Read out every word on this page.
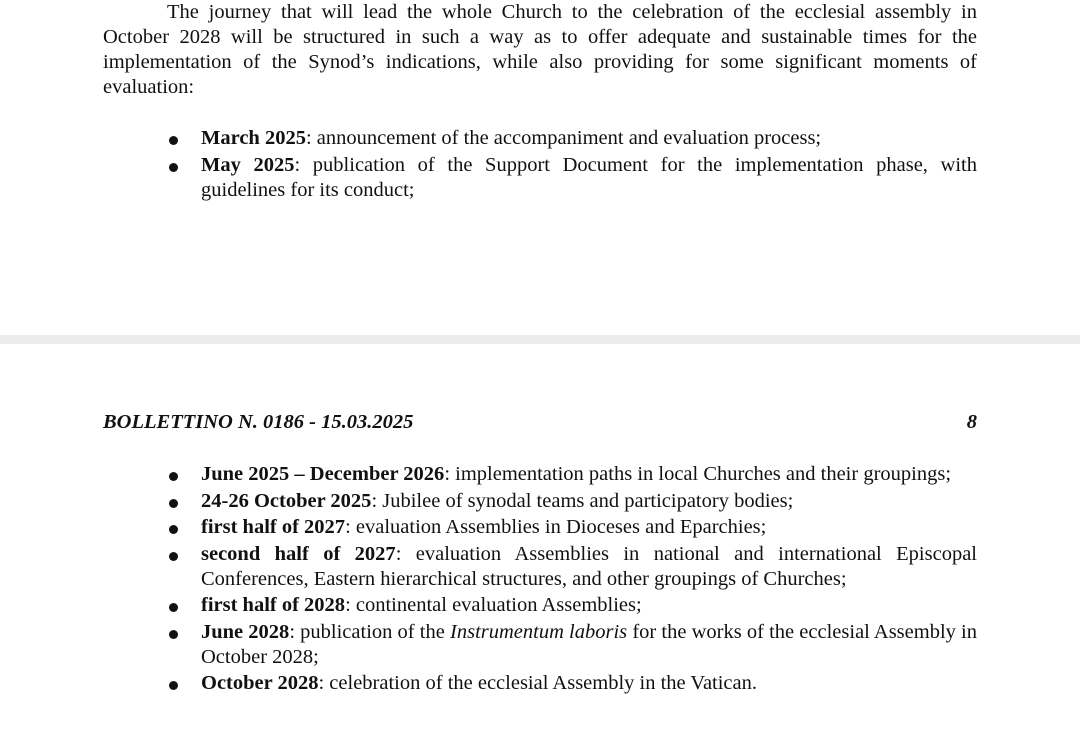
The journey that will lead the whole Church to the celebration of the ecclesial assembly in October 2028 will be structured in such a way as to offer adequate and sustainable times for the implementation of the Synod’s indications, while also providing for some significant moments of evaluation:

March 2025: announcement of the accompaniment and evaluation process;
May 2025: publication of the Support Document for the implementation phase, with guidelines for its conduct;
BOLLETTINO N. 0186 - 15.03.2025	8
June 2025 – December 2026: implementation paths in local Churches and their groupings;
24-26 October 2025: Jubilee of synodal teams and participatory bodies;
first half of 2027: evaluation Assemblies in Dioceses and Eparchies;
second half of 2027: evaluation Assemblies in national and international Episcopal Conferences, Eastern hierarchical structures, and other groupings of Churches;
first half of 2028: continental evaluation Assemblies;
June 2028: publication of the Instrumentum laboris for the works of the ecclesial Assembly in October 2028;
October 2028: celebration of the ecclesial Assembly in the Vatican.
